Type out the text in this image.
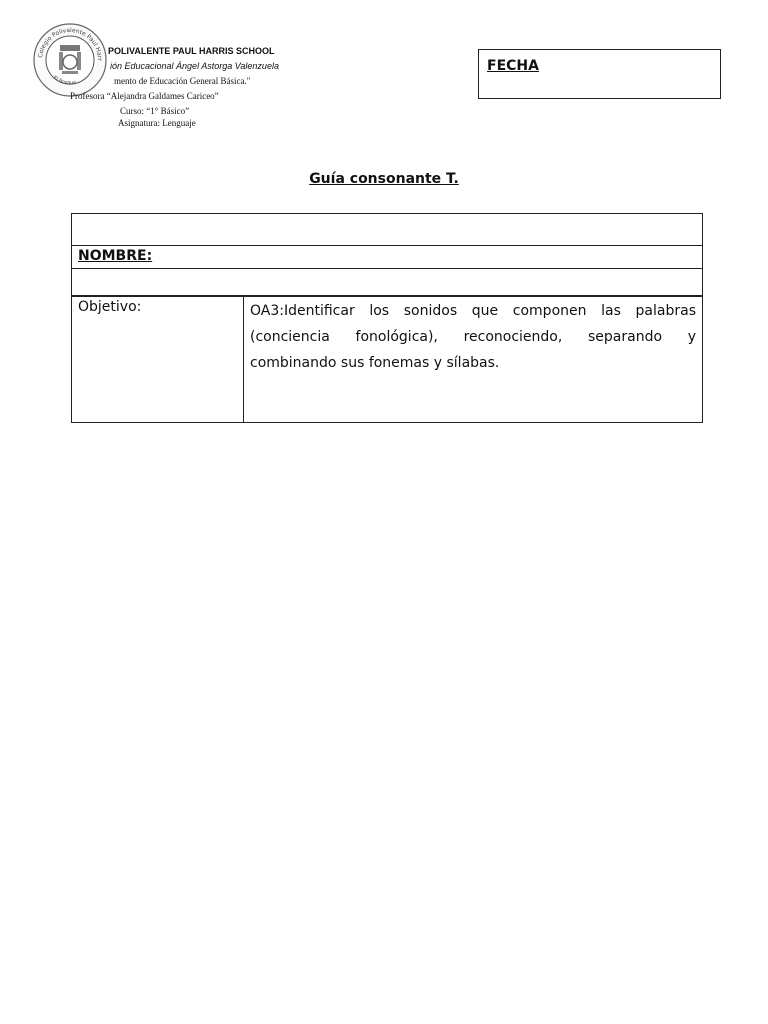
Colegio Polivalente Paul Harr
El Bosque
POLIVALENTE PAUL HARRIS SCHOOL
ión Educacional Ángel Astorga Valenzuela
mento de Educación General Básica."
Profesora “Alejandra Galdames Cariceo”
Curso: “1° Básico”
Asignatura: Lenguaje
FECHA
Guía consonante T.
NOMBRE:
Objetivo:	OA3:Identificar los sonidos que componen las palabras (conciencia fonológica), reconociendo, separando y combinando sus fonemas y sílabas.
